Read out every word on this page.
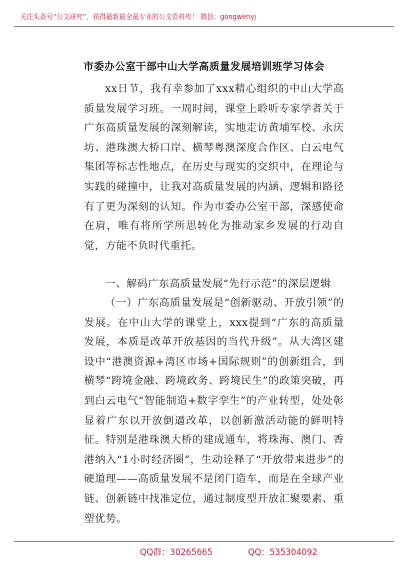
关注头条号“公文研究”，获得最新最全最专业的公文资料库！ 微信：gongwenyj
市委办公室干部中山大学高质量发展培训班学习体会

xx日节，我有幸参加了xxx精心组织的中山大学高质量发展学习班。一周时间，课堂上聆听专家学者关于广东高质量发展的深刻解读，实地走访黄埔军校、永庆坊、港珠澳大桥口岸、横琴粤澳深度合作区、白云电气集团等标志性地点，在历史与现实的交织中，在理论与实践的碰撞中，让我对高质量发展的内涵、逻辑和路径有了更为深刻的认知。作为市委办公室干部，深感使命在肩，唯有将所学所思转化为推动家乡发展的行动自觉，方能不负时代重托。

一、解码广东高质量发展“先行示范”的深层逻辑

（一）广东高质量发展是“创新驱动、开放引领”的发展。在中山大学的课堂上，xxx提到“广东的高质量发展，本质是改革开放基因的当代升级”。从大湾区建设中“港澳资源+湾区市场+国际规则”的创新组合，到横琴“跨境金融、跨境政务、跨境民生”的政策突破，再到白云电气“智能制造+数字孪生”的产业转型，处处彰显着广东以开放倒逼改革，以创新激活动能的鲜明特征。特别是港珠澳大桥的建成通车，将珠海、澳门、香港纳入“1小时经济圈”，生动诠释了“开放带来进步”的硬道理——高质量发展不是闭门造车，而是在全球产业链、创新链中找准定位，通过制度型开放汇聚要素、重塑优势。

QQ群：30265665	QQ：535304092
